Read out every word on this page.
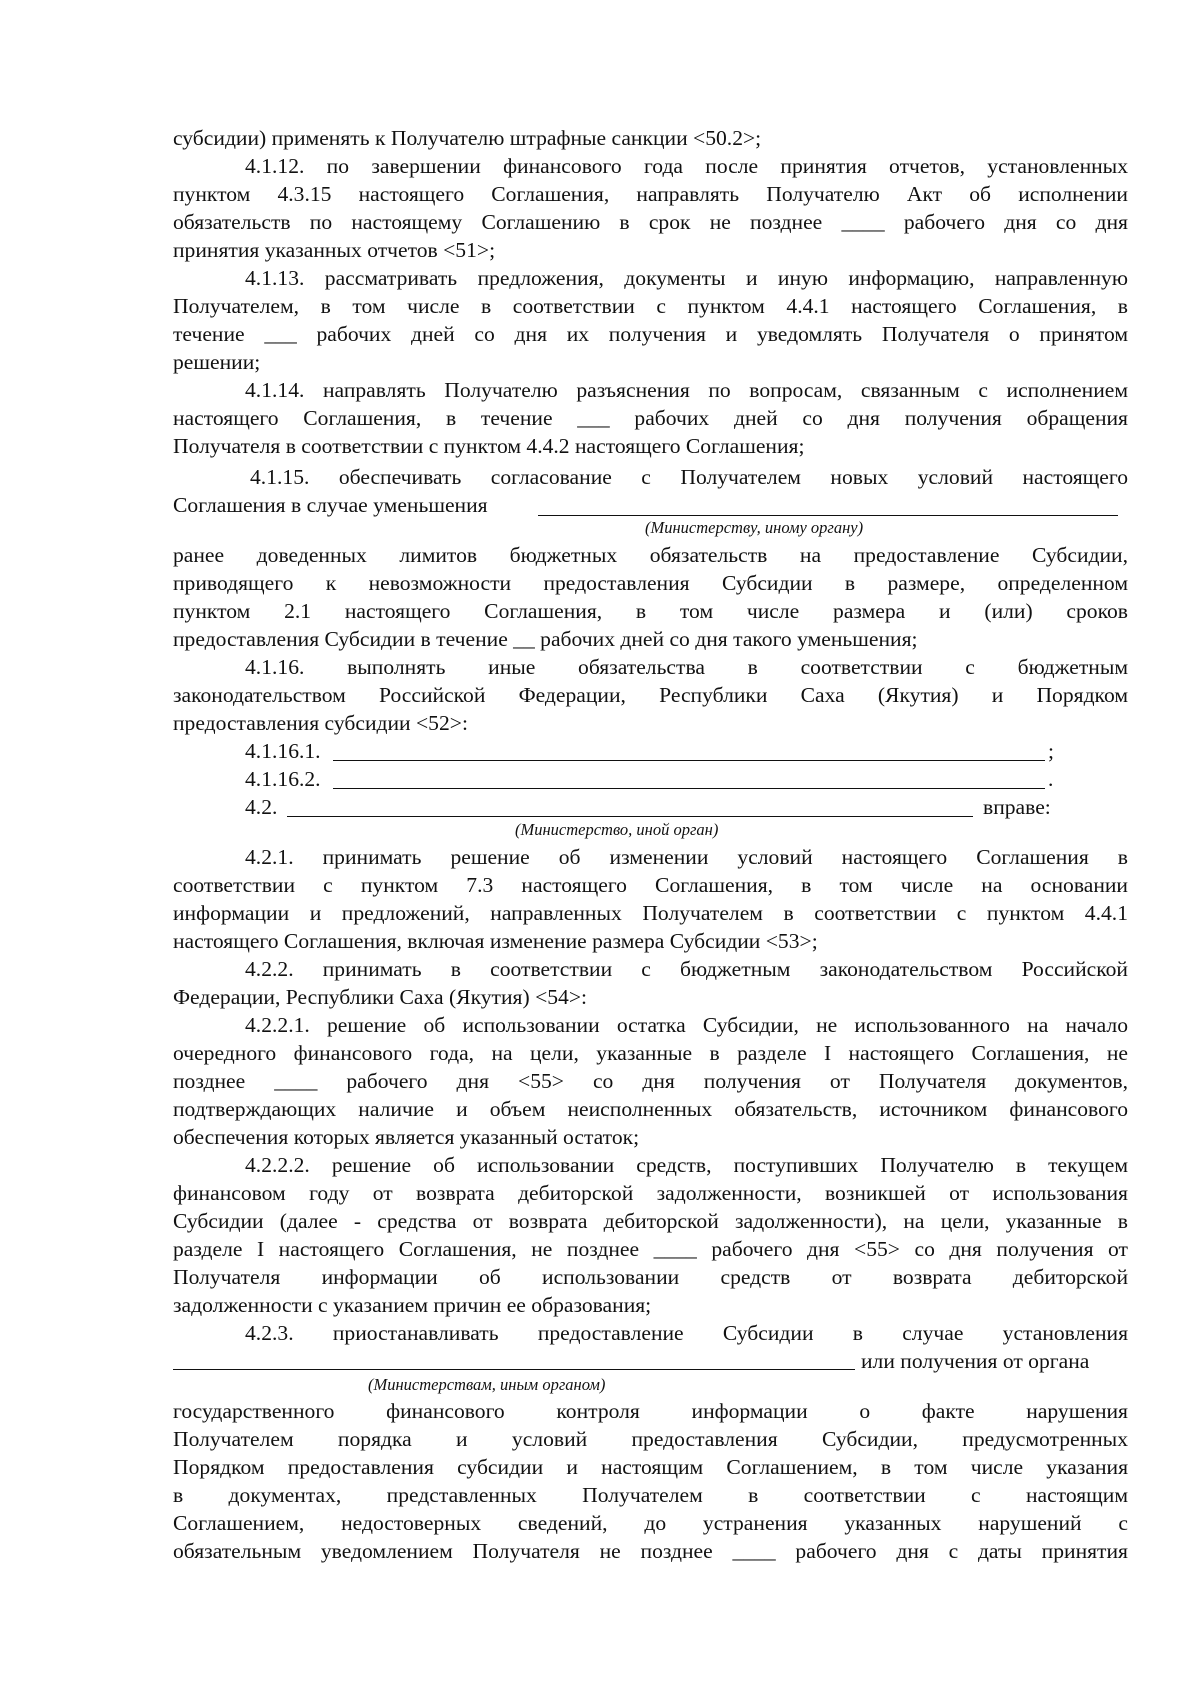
субсидии) применять к Получателю штрафные санкции <50.2>;
4.1.12. по завершении финансового года после принятия отчетов, установленных
пунктом 4.3.15 настоящего Соглашения, направлять Получателю Акт об исполнении
обязательств по настоящему Соглашению в срок не позднее ____ рабочего дня со дня
принятия указанных отчетов <51>;
4.1.13. рассматривать предложения, документы и иную информацию, направленную
Получателем, в том числе в соответствии с пунктом 4.4.1 настоящего Соглашения, в
течение ___ рабочих дней со дня их получения и уведомлять Получателя о принятом
решении;
4.1.14. направлять Получателю разъяснения по вопросам, связанным с исполнением
настоящего Соглашения, в течение ___ рабочих дней со дня получения обращения
Получателя в соответствии с пунктом 4.4.2 настоящего Соглашения;
4.1.15. обеспечивать согласование с Получателем новых условий настоящего
Соглашения в случае уменьшения
(Министерству, иному органу)
ранее доведенных лимитов бюджетных обязательств на предоставление Субсидии,
приводящего к невозможности предоставления Субсидии в размере, определенном
пунктом 2.1 настоящего Соглашения, в том числе размера и (или) сроков
предоставления Субсидии в течение __ рабочих дней со дня такого уменьшения;
4.1.16. выполнять иные обязательства в соответствии с бюджетным
законодательством Российской Федерации, Республики Саха (Якутия) и Порядком
предоставления субсидии <52>:
4.1.16.1.	;
4.1.16.2.	.
4.2.	вправе:
(Министерство, иной орган)
4.2.1. принимать решение об изменении условий настоящего Соглашения в
соответствии с пунктом 7.3 настоящего Соглашения, в том числе на основании
информации и предложений, направленных Получателем в соответствии с пунктом 4.4.1
настоящего Соглашения, включая изменение размера Субсидии <53>;
4.2.2. принимать в соответствии с бюджетным законодательством Российской
Федерации, Республики Саха (Якутия) <54>:
4.2.2.1. решение об использовании остатка Субсидии, не использованного на начало
очередного финансового года, на цели, указанные в разделе I настоящего Соглашения, не
позднее ____ рабочего дня <55> со дня получения от Получателя документов,
подтверждающих наличие и объем неисполненных обязательств, источником финансового
обеспечения которых является указанный остаток;
4.2.2.2. решение об использовании средств, поступивших Получателю в текущем
финансовом году от возврата дебиторской задолженности, возникшей от использования
Субсидии (далее - средства от возврата дебиторской задолженности), на цели, указанные в
разделе I настоящего Соглашения, не позднее ____ рабочего дня <55> со дня получения от
Получателя информации об использовании средств от возврата дебиторской
задолженности с указанием причин ее образования;
4.2.3. приостанавливать предоставление Субсидии в случае установления
или получения от органа
(Министерствам, иным органом)
государственного финансового контроля информации о факте нарушения
Получателем порядка и условий предоставления Субсидии, предусмотренных
Порядком предоставления субсидии и настоящим Соглашением, в том числе указания
в документах, представленных Получателем в соответствии с настоящим
Соглашением, недостоверных сведений, до устранения указанных нарушений с
обязательным уведомлением Получателя не позднее ____ рабочего дня с даты принятия
